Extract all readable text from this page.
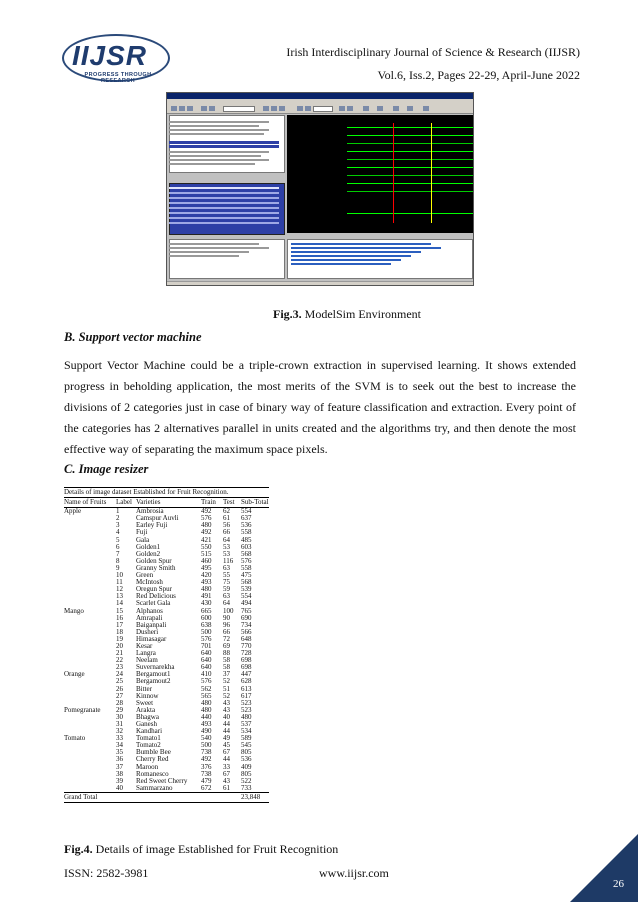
IIJSR
PROGRESS THROUGH RESEARCH
Irish Interdisciplinary Journal of Science & Research (IIJSR)
Vol.6, Iss.2, Pages 22-29, April-June 2022
Fig.3. ModelSim Environment
B. Support vector machine
Support Vector Machine could be a triple-crown extraction in supervised learning. It shows extended progress in beholding application, the most merits of the SVM is to seek out the best to increase the divisions of 2 categories just in case of binary way of feature classification and extraction. Every point of the categories has 2 alternatives parallel in units created and the algorithms try, and then denote the most effective way of separating the maximum space pixels.
C. Image resizer
Details of image dataset Established for Fruit Recognition.
Name of Fruits	Label	Varieties	Train	Test	Sub-Total
Apple	1	Ambrosia	492	62	554
	2	Camspur Auvli	576	61	637
	3	Earley Fuji	480	56	536
	4	Fuji	492	66	558
	5	Gala	421	64	485
	6	Golden1	550	53	603
	7	Golden2	515	53	568
	8	Golden Spur	460	116	576
	9	Granny Smith	495	63	558
	10	Green	420	55	475
	11	McIntosh	493	75	568
	12	Oregun Spur	480	59	539
	13	Red Delicious	491	63	554
	14	Scarlet Gala	430	64	494
Mango	15	Alphanos	665	100	765
	16	Amrapali	600	90	690
	17	Baiganpali	638	96	734
	18	Dusheri	500	66	566
	19	Himasagar	576	72	648
	20	Kesar	701	69	770
	21	Langra	640	88	728
	22	Neelam	640	58	698
	23	Suvernarekha	640	58	698
Orange	24	Bergamout1	410	37	447
	25	Bergamout2	576	52	628
	26	Bitter	562	51	613
	27	Kinnow	565	52	617
	28	Sweet	480	43	523
Pomegranate	29	Arakta	480	43	523
	30	Bhagwa	440	40	480
	31	Ganesh	493	44	537
	32	Kandhari	490	44	534
Tomato	33	Tomato1	540	49	589
	34	Tomato2	500	45	545
	35	Bumble Bee	738	67	805
	36	Cherry Red	492	44	536
	37	Maroon	376	33	409
	38	Romanesco	738	67	805
	39	Red Sweet Cherry	479	43	522
	40	Sammarzano	672	61	733
Grand Total					23,848
Fig.4. Details of image Established for Fruit Recognition
ISSN: 2582-3981	www.iijsr.com
26
